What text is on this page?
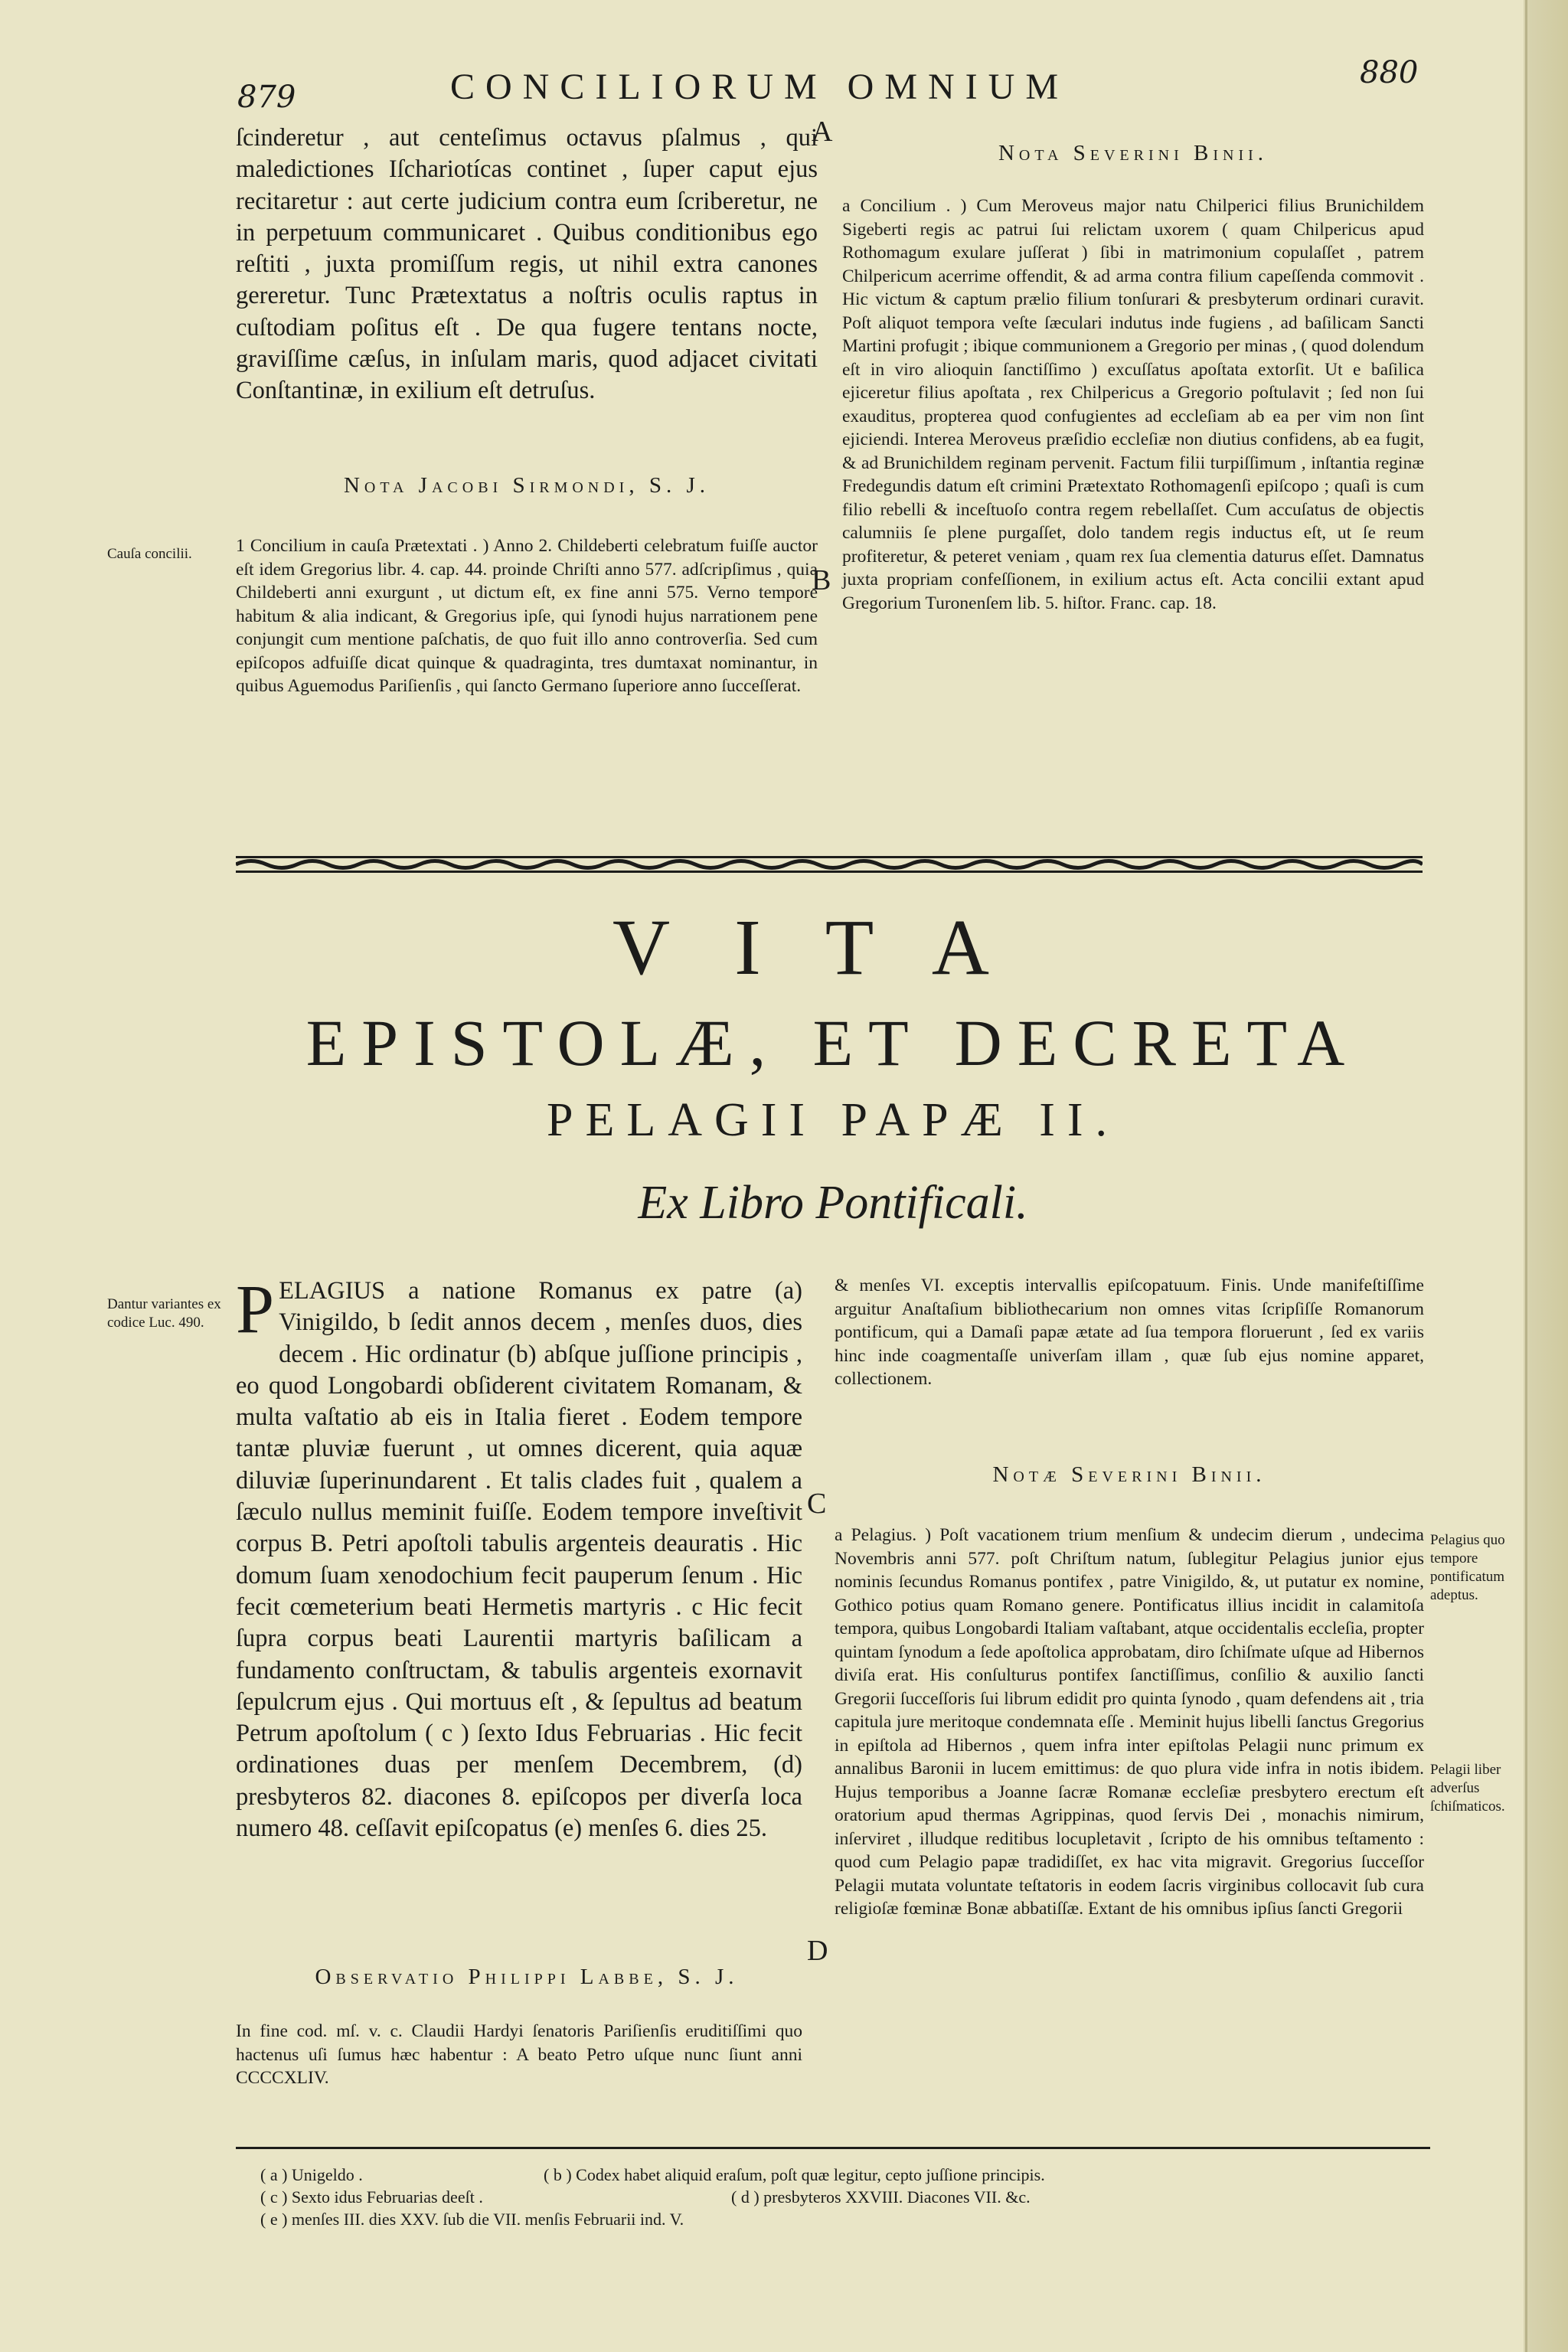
879	CONCILIORUM OMNIUM	880
ſcinderetur , aut centeſimus octavus pſalmus , qui maledictiones Iſchariotícas continet , ſuper caput ejus recitaretur : aut certe judicium contra eum ſcriberetur, ne in perpetuum communicaret . Quibus conditionibus ego reſtiti , juxta promiſſum regis, ut nihil extra canones gereretur. Tunc Prætextatus a noſtris oculis raptus in cuſtodiam poſitus eſt . De qua fugere tentans nocte, graviſſime cæſus, in inſulam maris, quod adjacet civitati Conſtantinæ, in exilium eſt detruſus.
A
Nota Jacobi Sirmondi, S. J.
Cauſa concilii.	1 Concilium in cauſa Prætextati . ) Anno 2. Childeberti celebratum fuiſſe auctor eſt idem Gregorius libr. 4. cap. 44. proinde Chriſti anno 577. adſcripſimus , quia Childeberti anni exurgunt , ut dictum eſt, ex fine anni 575. Verno tempore habitum & alia indicant, & Gregorius ipſe, qui ſynodi hujus narrationem pene conjungit cum mentione paſchatis, de quo fuit illo anno controverſia. Sed cum epiſcopos adfuiſſe dicat quinque & quadraginta, tres dumtaxat nominantur, in quibus Aguemodus Pariſienſis , qui ſancto Germano ſuperiore anno ſucceſſerat.
Nota Severini Binii.
a Concilium . ) Cum Meroveus major natu Chilperici filius Brunichildem Sigeberti regis ac patrui ſui relictam uxorem ( quam Chilpericus apud Rothomagum exulare juſſerat ) ſibi in matrimonium copulaſſet , patrem Chilpericum acerrime offendit, & ad arma contra filium capeſſenda commovit . Hic victum & captum prælio filium tonſurari & presbyterum ordinari curavit. Poſt aliquot tempora veſte ſæculari indutus inde fugiens , ad baſilicam Sancti Martini profugit ; ibique communionem a Gregorio per minas , ( quod dolendum eſt in viro alioquin ſanctiſſimo ) excuſſatus apoſtata extorſit. Ut e baſilica ejiceretur filius apoſtata , rex Chilpericus a Gregorio poſtulavit ; ſed non ſui exauditus, propterea quod confugientes ad eccleſiam ab ea per vim non ſint ejiciendi. Interea Meroveus præſidio eccleſiæ non diutius confidens, ab ea fugit, & ad Brunichildem reginam pervenit. Factum filii turpiſſimum , inſtantia reginæ Fredegundis datum eſt crimini Prætextato Rothomagenſi epiſcopo ; quaſi is cum filio rebelli & inceſtuoſo contra regem rebellaſſet. Cum accuſatus de objectis calumniis ſe plene purgaſſet, dolo tandem regis inductus eſt, ut ſe reum profiteretur, & peteret veniam , quam rex ſua clementia daturus eſſet. Damnatus juxta propriam confeſſionem, in exilium actus eſt. Acta concilii extant apud Gregorium Turonenſem lib. 5. hiſtor. Franc. cap. 18.
B
VITA
EPISTOLÆ, ET DECRETA
PELAGII PAPÆ II.
Ex Libro Pontificali.
Dantur variantes ex codice Luc. 490. PELAGIUS a natione Romanus ex patre (a) Vinigildo, b ſedit annos decem , menſes duos, dies decem . Hic ordinatur (b) abſque juſſione principis , eo quod Longobardi obſiderent civitatem Romanam, & multa vaſtatio ab eis in Italia fieret . Eodem tempore tantæ pluviæ fuerunt , ut omnes dicerent, quia aquæ diluviæ ſuperinundarent . Et talis clades fuit , qualem a ſæculo nullus meminit fuiſſe. Eodem tempore inveſtivit corpus B. Petri apoſtoli tabulis argenteis deauratis . Hic domum ſuam xenodochium fecit pauperum ſenum . Hic fecit cœmeterium beati Hermetis martyris . c Hic fecit ſupra corpus beati Laurentii martyris baſilicam a fundamento conſtructam, & tabulis argenteis exornavit ſepulcrum ejus . Qui mortuus eſt , & ſepultus ad beatum Petrum apoſtolum ( c ) ſexto Idus Februarias . Hic fecit ordinationes duas per menſem Decembrem, (d) presbyteros 82. diacones 8. epiſcopos per diverſa loca numero 48. ceſſavit epiſcopatus (e) menſes 6. dies 25.
C
Observatio Philippi Labbe, S. J.
In fine cod. mſ. v. c. Claudii Hardyi ſenatoris Pariſienſis eruditiſſimi quo hactenus uſi ſumus hæc habentur : A beato Petro uſque nunc ſiunt anni CCCCXLIV.
& menſes VI. exceptis intervallis epiſcopatuum. Finis. Unde manifeſtiſſime arguitur Anaſtaſium bibliothecarium non omnes vitas ſcripſiſſe Romanorum pontificum, qui a Damaſi papæ ætate ad ſua tempora floruerunt , ſed ex variis hinc inde coagmentaſſe univerſam illam , quæ ſub ejus nomine apparet, collectionem.
Notæ Severini Binii.
a Pelagius. ) Poſt vacationem trium menſium & undecim dierum , undecima Novembris anni 577. poſt Chriſtum natum, ſublegitur Pelagius junior ejus nominis ſecundus Romanus pontifex , patre Vinigildo, &, ut putatur ex nomine, Gothico potius quam Romano genere. Pontificatus illius incidit in calamitoſa tempora, quibus Longobardi Italiam vaſtabant, atque occidentalis eccleſia, propter quintam ſynodum a ſede apoſtolica approbatam, diro ſchiſmate uſque ad Hibernos diviſa erat. His conſulturus pontifex ſanctiſſimus, conſilio & auxilio ſancti Gregorii ſucceſſoris ſui librum edidit pro quinta ſynodo , quam defendens ait , tria capitula jure meritoque condemnata eſſe . Meminit hujus libelli ſanctus Gregorius in epiſtola ad Hibernos , quem infra inter epiſtolas Pelagii nunc primum ex annalibus Baronii in lucem emittimus: de quo plura vide infra in notis ibidem. Hujus temporibus a Joanne ſacræ Romanæ eccleſiæ presbytero erectum eſt oratorium apud thermas Agrippinas, quod ſervis Dei , monachis nimirum, inſerviret , illudque reditibus locupletavit , ſcripto de his omnibus teſtamento : quod cum Pelagio papæ tradidiſſet, ex hac vita migravit. Gregorius ſucceſſor Pelagii mutata voluntate teſtatoris in eodem ſacris virginibus collocavit ſub cura religioſæ fœminæ Bonæ abbatiſſæ. Extant de his omnibus ipſius ſancti Gregorii
D
Pelagius quo tempore pontificatum adeptus.
Pelagii liber adverſus ſchiſmaticos.
( a ) Unigeldo .	( b ) Codex habet aliquid eraſum, poſt quæ legitur, cepto juſſione principis.
( c ) Sexto idus Februarias deeſt .	( d ) presbyteros XXVIII. Diacones VII. &c.
( e ) menſes III. dies XXV. ſub die VII. menſis Februarii ind. V.
